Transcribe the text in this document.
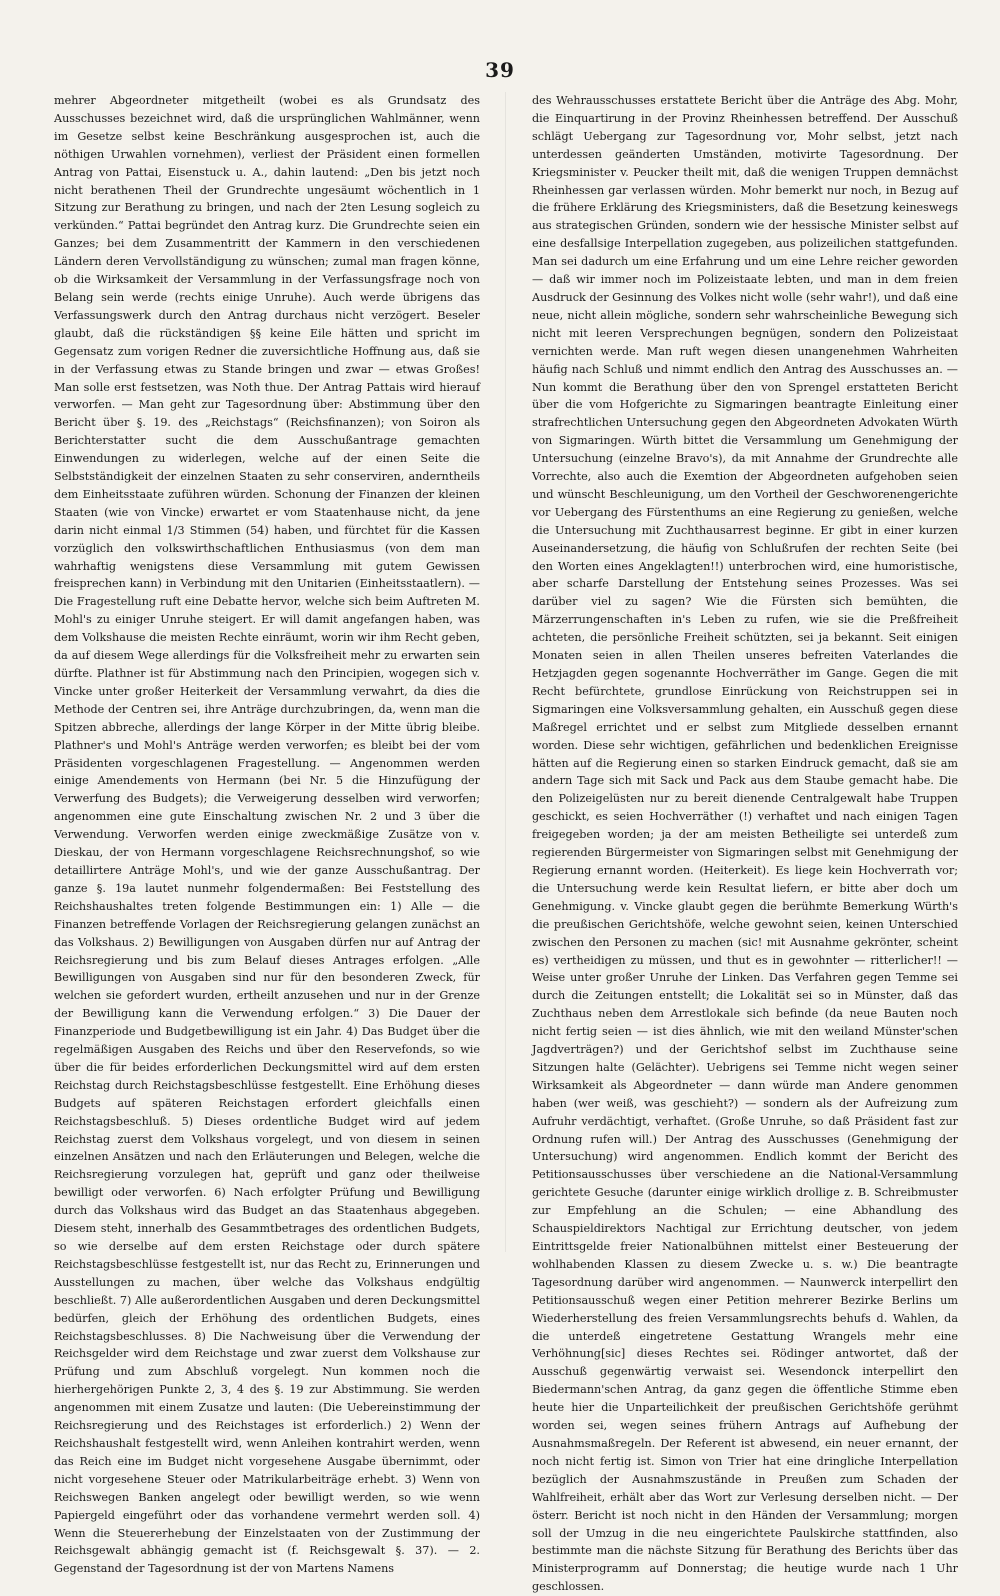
39

mehrer Abgeordneter mitgetheilt (wobei es als Grundsatz des Ausschusses bezeichnet wird, daß die ursprünglichen Wahlmänner, wenn im Gesetze selbst keine Beschränkung ausgesprochen ist, auch die nöthigen Urwahlen vornehmen), verliest der Präsident einen formellen Antrag von Pattai, Eisenstuck u. A., dahin lautend: „Den bis jetzt noch nicht berathenen Theil der Grundrechte ungesäumt wöchentlich in 1 Sitzung zur Berathung zu bringen, und nach der 2ten Lesung sogleich zu verkünden.“ Pattai begründet den Antrag kurz. Die Grundrechte seien ein Ganzes; bei dem Zusammentritt der Kammern in den verschiedenen Ländern deren Vervollständigung zu wünschen; zumal man fragen könne, ob die Wirksamkeit der Versammlung in der Verfassungsfrage noch von Belang sein werde (rechts einige Unruhe). Auch werde übrigens das Verfassungswerk durch den Antrag durchaus nicht verzögert. Beseler glaubt, daß die rückständigen §§ keine Eile hätten und spricht im Gegensatz zum vorigen Redner die zuversichtliche Hoffnung aus, daß sie in der Verfassung etwas zu Stande bringen und zwar — etwas Großes! Man solle erst festsetzen, was Noth thue. Der Antrag Pattais wird hierauf verworfen. — Man geht zur Tagesordnung über: Abstimmung über den Bericht über §. 19. des „Reichstags“ (Reichsfinanzen); von Soiron als Berichterstatter sucht die dem Ausschußantrage gemachten Einwendungen zu widerlegen, welche auf der einen Seite die Selbstständigkeit der einzelnen Staaten zu sehr conserviren, anderntheils dem Einheitsstaate zuführen würden. Schonung der Finanzen der kleinen Staaten (wie von Vincke) erwartet er vom Staatenhause nicht, da jene darin nicht einmal 1/3 Stimmen (54) haben, und fürchtet für die Kassen vorzüglich den volkswirthschaftlichen Enthusiasmus (von dem man wahrhaftig wenigstens diese Versammlung mit gutem Gewissen freisprechen kann) in Verbindung mit den Unitarien (Einheitsstaatlern). — Die Fragestellung ruft eine Debatte hervor, welche sich beim Auftreten M. Mohl's zu einiger Unruhe steigert. Er will damit angefangen haben, was dem Volkshause die meisten Rechte einräumt, worin wir ihm Recht geben, da auf diesem Wege allerdings für die Volksfreiheit mehr zu erwarten sein dürfte. Plathner ist für Abstimmung nach den Principien, wogegen sich v. Vincke unter großer Heiterkeit der Versammlung verwahrt, da dies die Methode der Centren sei, ihre Anträge durchzubringen, da, wenn man die Spitzen abbreche, allerdings der lange Körper in der Mitte übrig bleibe. Plathner's und Mohl's Anträge werden verworfen; es bleibt bei der vom Präsidenten vorgeschlagenen Fragestellung. — Angenommen werden einige Amendements von Hermann (bei Nr. 5 die Hinzufügung der Verwerfung des Budgets); die Verweigerung desselben wird verworfen; angenommen eine gute Einschaltung zwischen Nr. 2 und 3 über die Verwendung. Verworfen werden einige zweckmäßige Zusätze von v. Dieskau, der von Hermann vorgeschlagene Reichsrechnungshof, so wie detaillirtere Anträge Mohl's, und wie der ganze Ausschußantrag. Der ganze §. 19a lautet nunmehr folgendermaßen: Bei Feststellung des Reichshaushaltes treten folgende Bestimmungen ein: 1) Alle — die Finanzen betreffende Vorlagen der Reichsregierung gelangen zunächst an das Volkshaus. 2) Bewilligungen von Ausgaben dürfen nur auf Antrag der Reichsregierung und bis zum Belauf dieses Antrages erfolgen. „Alle Bewilligungen von Ausgaben sind nur für den besonderen Zweck, für welchen sie gefordert wurden, ertheilt anzusehen und nur in der Grenze der Bewilligung kann die Verwendung erfolgen.“ 3) Die Dauer der Finanzperiode und Budgetbewilligung ist ein Jahr. 4) Das Budget über die regelmäßigen Ausgaben des Reichs und über den Reservefonds, so wie über die für beides erforderlichen Deckungsmittel wird auf dem ersten Reichstag durch Reichstagsbeschlüsse festgestellt. Eine Erhöhung dieses Budgets auf späteren Reichstagen erfordert gleichfalls einen Reichstagsbeschluß. 5) Dieses ordentliche Budget wird auf jedem Reichstag zuerst dem Volkshaus vorgelegt, und von diesem in seinen einzelnen Ansätzen und nach den Erläuterungen und Belegen, welche die Reichsregierung vorzulegen hat, geprüft und ganz oder theilweise bewilligt oder verworfen. 6) Nach erfolgter Prüfung und Bewilligung durch das Volkshaus wird das Budget an das Staatenhaus abgegeben. Diesem steht, innerhalb des Gesammtbetrages des ordentlichen Budgets, so wie derselbe auf dem ersten Reichstage oder durch spätere Reichstagsbeschlüsse festgestellt ist, nur das Recht zu, Erinnerungen und Ausstellungen zu machen, über welche das Volkshaus endgültig beschließt. 7) Alle außerordentlichen Ausgaben und deren Deckungsmittel bedürfen, gleich der Erhöhung des ordentlichen Budgets, eines Reichstagsbeschlusses. 8) Die Nachweisung über die Verwendung der Reichsgelder wird dem Reichstage und zwar zuerst dem Volkshause zur Prüfung und zum Abschluß vorgelegt. Nun kommen noch die hierhergehörigen Punkte 2, 3, 4 des §. 19 zur Abstimmung. Sie werden angenommen mit einem Zusatze und lauten: (Die Uebereinstimmung der Reichsregierung und des Reichstages ist erforderlich.) 2) Wenn der Reichshaushalt festgestellt wird, wenn Anleihen kontrahirt werden, wenn das Reich eine im Budget nicht vorgesehene Ausgabe übernimmt, oder nicht vorgesehene Steuer oder Matrikularbeiträge erhebt. 3) Wenn von Reichswegen Banken angelegt oder bewilligt werden, so wie wenn Papiergeld eingeführt oder das vorhandene vermehrt werden soll. 4) Wenn die Steuererhebung der Einzelstaaten von der Zustimmung der Reichsgewalt abhängig gemacht ist (f. Reichsgewalt §. 37). — 2. Gegenstand der Tagesordnung ist der von Martens Namens

des Wehrausschusses erstattete Bericht über die Anträge des Abg. Mohr, die Einquartirung in der Provinz Rheinhessen betreffend. Der Ausschuß schlägt Uebergang zur Tagesordnung vor, Mohr selbst, jetzt nach unterdessen geänderten Umständen, motivirte Tagesordnung. Der Kriegsminister v. Peucker theilt mit, daß die wenigen Truppen demnächst Rheinhessen gar verlassen würden. Mohr bemerkt nur noch, in Bezug auf die frühere Erklärung des Kriegsministers, daß die Besetzung keineswegs aus strategischen Gründen, sondern wie der hessische Minister selbst auf eine desfallsige Interpellation zugegeben, aus polizeilichen stattgefunden. Man sei dadurch um eine Erfahrung und um eine Lehre reicher geworden — daß wir immer noch im Polizeistaate lebten, und man in dem freien Ausdruck der Gesinnung des Volkes nicht wolle (sehr wahr!), und daß eine neue, nicht allein mögliche, sondern sehr wahrscheinliche Bewegung sich nicht mit leeren Versprechungen begnügen, sondern den Polizeistaat vernichten werde. Man ruft wegen diesen unangenehmen Wahrheiten häufig nach Schluß und nimmt endlich den Antrag des Ausschusses an. — Nun kommt die Berathung über den von Sprengel erstatteten Bericht über die vom Hofgerichte zu Sigmaringen beantragte Einleitung einer strafrechtlichen Untersuchung gegen den Abgeordneten Advokaten Würth von Sigmaringen. Würth bittet die Versammlung um Genehmigung der Untersuchung (einzelne Bravo's), da mit Annahme der Grundrechte alle Vorrechte, also auch die Exemtion der Abgeordneten aufgehoben seien und wünscht Beschleunigung, um den Vortheil der Geschworenengerichte vor Uebergang des Fürstenthums an eine Regierung zu genießen, welche die Untersuchung mit Zuchthausarrest beginne. Er gibt in einer kurzen Auseinandersetzung, die häufig von Schlußrufen der rechten Seite (bei den Worten eines Angeklagten!!) unterbrochen wird, eine humoristische, aber scharfe Darstellung der Entstehung seines Prozesses. Was sei darüber viel zu sagen? Wie die Fürsten sich bemühten, die Märzerrungenschaften in's Leben zu rufen, wie sie die Preßfreiheit achteten, die persönliche Freiheit schützten, sei ja bekannt. Seit einigen Monaten seien in allen Theilen unseres befreiten Vaterlandes die Hetzjagden gegen sogenannte Hochverräther im Gange. Gegen die mit Recht befürchtete, grundlose Einrückung von Reichstruppen sei in Sigmaringen eine Volksversammlung gehalten, ein Ausschuß gegen diese Maßregel errichtet und er selbst zum Mitgliede desselben ernannt worden. Diese sehr wichtigen, gefährlichen und bedenklichen Ereignisse hätten auf die Regierung einen so starken Eindruck gemacht, daß sie am andern Tage sich mit Sack und Pack aus dem Staube gemacht habe. Die den Polizeigelüsten nur zu bereit dienende Centralgewalt habe Truppen geschickt, es seien Hochverräther (!) verhaftet und nach einigen Tagen freigegeben worden; ja der am meisten Betheiligte sei unterdeß zum regierenden Bürgermeister von Sigmaringen selbst mit Genehmigung der Regierung ernannt worden. (Heiterkeit). Es liege kein Hochverrath vor; die Untersuchung werde kein Resultat liefern, er bitte aber doch um Genehmigung. v. Vincke glaubt gegen die berühmte Bemerkung Würth's die preußischen Gerichtshöfe, welche gewohnt seien, keinen Unterschied zwischen den Personen zu machen (sic! mit Ausnahme gekrönter, scheint es) vertheidigen zu müssen, und thut es in gewohnter — ritterlicher!! — Weise unter großer Unruhe der Linken. Das Verfahren gegen Temme sei durch die Zeitungen entstellt; die Lokalität sei so in Münster, daß das Zuchthaus neben dem Arrestlokale sich befinde (da neue Bauten noch nicht fertig seien — ist dies ähnlich, wie mit den weiland Münster'schen Jagdverträgen?) und der Gerichtshof selbst im Zuchthause seine Sitzungen halte (Gelächter). Uebrigens sei Temme nicht wegen seiner Wirksamkeit als Abgeordneter — dann würde man Andere genommen haben (wer weiß, was geschieht?) — sondern als der Aufreizung zum Aufruhr verdächtigt, verhaftet. (Große Unruhe, so daß Präsident fast zur Ordnung rufen will.) Der Antrag des Ausschusses (Genehmigung der Untersuchung) wird angenommen. Endlich kommt der Bericht des Petitionsausschusses über verschiedene an die National-Versammlung gerichtete Gesuche (darunter einige wirklich drollige z. B. Schreibmuster zur Empfehlung an die Schulen; — eine Abhandlung des Schauspieldirektors Nachtigal zur Errichtung deutscher, von jedem Eintrittsgelde freier Nationalbühnen mittelst einer Besteuerung der wohlhabenden Klassen zu diesem Zwecke u. s. w.) Die beantragte Tagesordnung darüber wird angenommen. — Naunwerck interpellirt den Petitionsausschuß wegen einer Petition mehrerer Bezirke Berlins um Wiederherstellung des freien Versammlungsrechts behufs d. Wahlen, da die unterdeß eingetretene Gestattung Wrangels mehr eine Verhöhnung[sic] dieses Rechtes sei. Rödinger antwortet, daß der Ausschuß gegenwärtig verwaist sei. Wesendonck interpellirt den Biedermann'schen Antrag, da ganz gegen die öffentliche Stimme eben heute hier die Unparteilichkeit der preußischen Gerichtshöfe gerühmt worden sei, wegen seines frühern Antrags auf Aufhebung der Ausnahmsmaßregeln. Der Referent ist abwesend, ein neuer ernannt, der noch nicht fertig ist. Simon von Trier hat eine dringliche Interpellation bezüglich der Ausnahmszustände in Preußen zum Schaden der Wahlfreiheit, erhält aber das Wort zur Verlesung derselben nicht. — Der österr. Bericht ist noch nicht in den Händen der Versammlung; morgen soll der Umzug in die neu eingerichtete Paulskirche stattfinden, also bestimmte man die nächste Sitzung für Berathung des Berichts über das Ministerprogramm auf Donnerstag; die heutige wurde nach 1 Uhr geschlossen.
